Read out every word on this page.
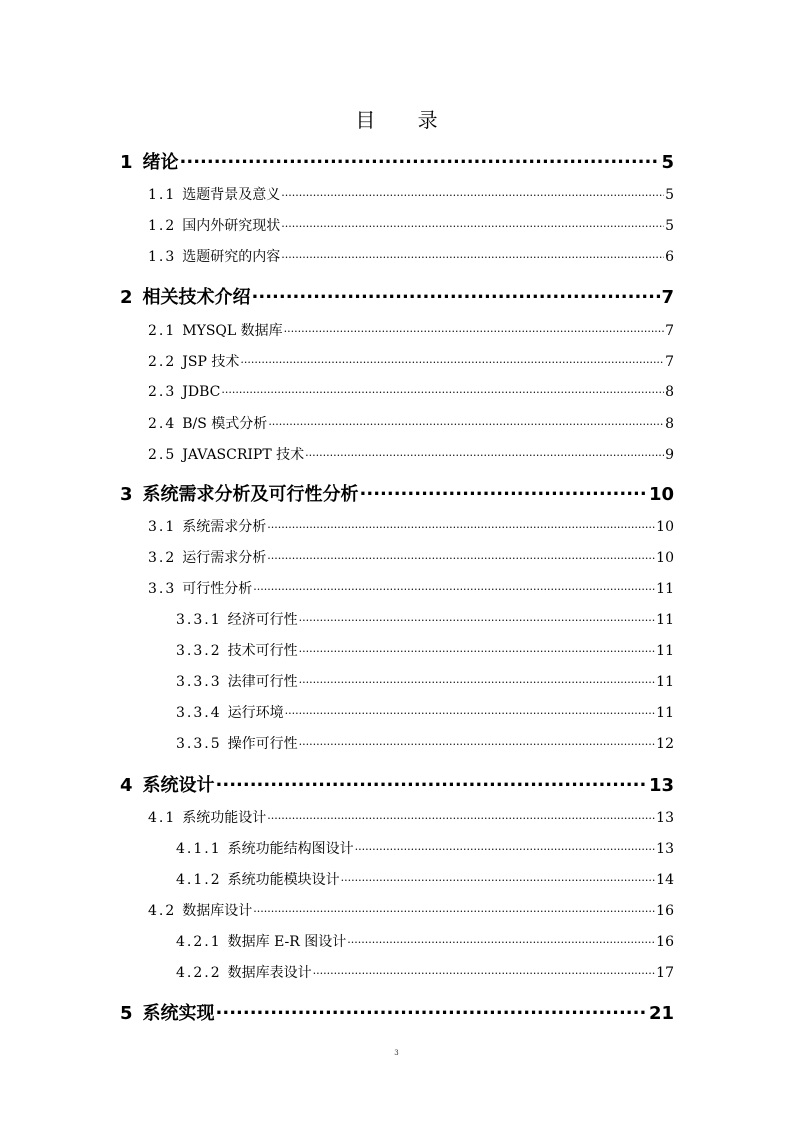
目 录
1 绪论 .....	5
1.1 选题背景及意义 .....	5
1.2 国内外研究现状 .....	5
1.3 选题研究的内容 .....	6
2 相关技术介绍 .....	7
2.1 MYSQL 数据库 .....	7
2.2 JSP 技术 .....	7
2.3 JDBC .....	8
2.4 B/S 模式分析 .....	8
2.5 JAVASCRIPT 技术 .....	9
3 系统需求分析及可行性分析 .....	10
3.1 系统需求分析 .....	10
3.2 运行需求分析 .....	10
3.3 可行性分析 .....	11
3.3.1 经济可行性 .....	11
3.3.2 技术可行性 .....	11
3.3.3 法律可行性 .....	11
3.3.4 运行环境 .....	11
3.3.5 操作可行性 .....	12
4 系统设计 .....	13
4.1 系统功能设计 .....	13
4.1.1 系统功能结构图设计 .....	13
4.1.2 系统功能模块设计 .....	14
4.2 数据库设计 .....	16
4.2.1 数据库 E-R 图设计 .....	16
4.2.2 数据库表设计 .....	17
5 系统实现 .....	21
3
